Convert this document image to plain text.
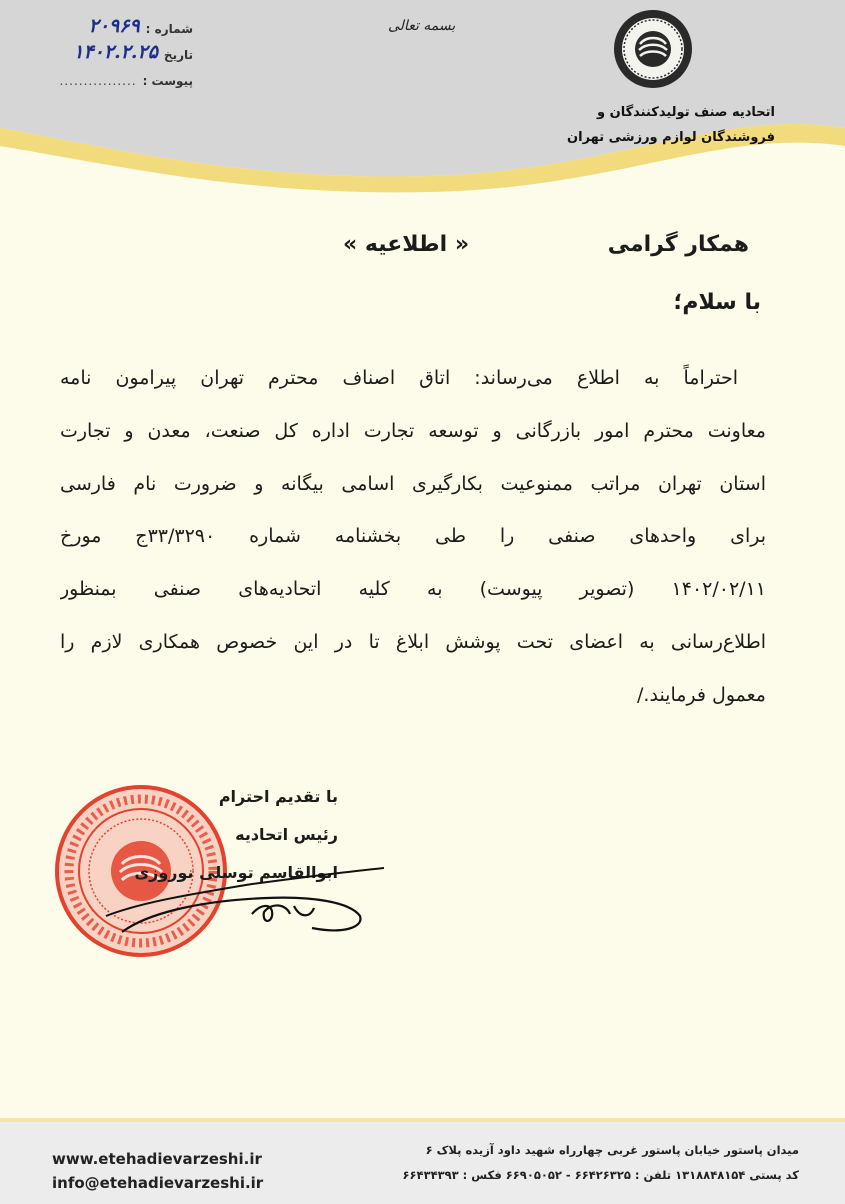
شماره :
۲۰۹۶۹
تاریخ
۱۴۰۲.۲.۲۵
پیوست :
................
بسمه تعالی
اتحادیه صنف تولیدکنندگان و
فروشندگان لوازم ورزشی تهران
همکار گرامی
« اطلاعیه »
با سلام؛
احتراماً به اطلاع می‌رساند: اتاق اصناف محترم تهران پیرامون نامه
معاونت محترم امور بازرگانی و توسعه تجارت اداره کل صنعت، معدن و تجارت
استان تهران مراتب ممنوعیت بکارگیری اسامی بیگانه و ضرورت نام فارسی
برای واحدهای صنفی را طی بخشنامه شماره ۳۳/۳۲۹۰ج مورخ
۱۴۰۲/۰۲/۱۱ (تصویر پیوست) به کلیه اتحادیه‌های صنفی بمنظور
اطلاع‌رسانی به اعضای تحت پوشش ابلاغ تا در این خصوص همکاری لازم را
معمول فرمایند./
با تقدیم احترام
رئیس اتحادیه
ابوالقاسم توسلی نوروزی
www.etehadievarzeshi.ir
info@etehadievarzeshi.ir
میدان پاستور خیابان پاستور غربی چهارراه شهید داود آزیده پلاک ۶
کد پستی ۱۳۱۸۸۴۸۱۵۴ تلفن : ۶۶۴۲۶۳۲۵ - ۶۶۹۰۵۰۵۲ فکس : ۶۶۴۳۴۳۹۳
